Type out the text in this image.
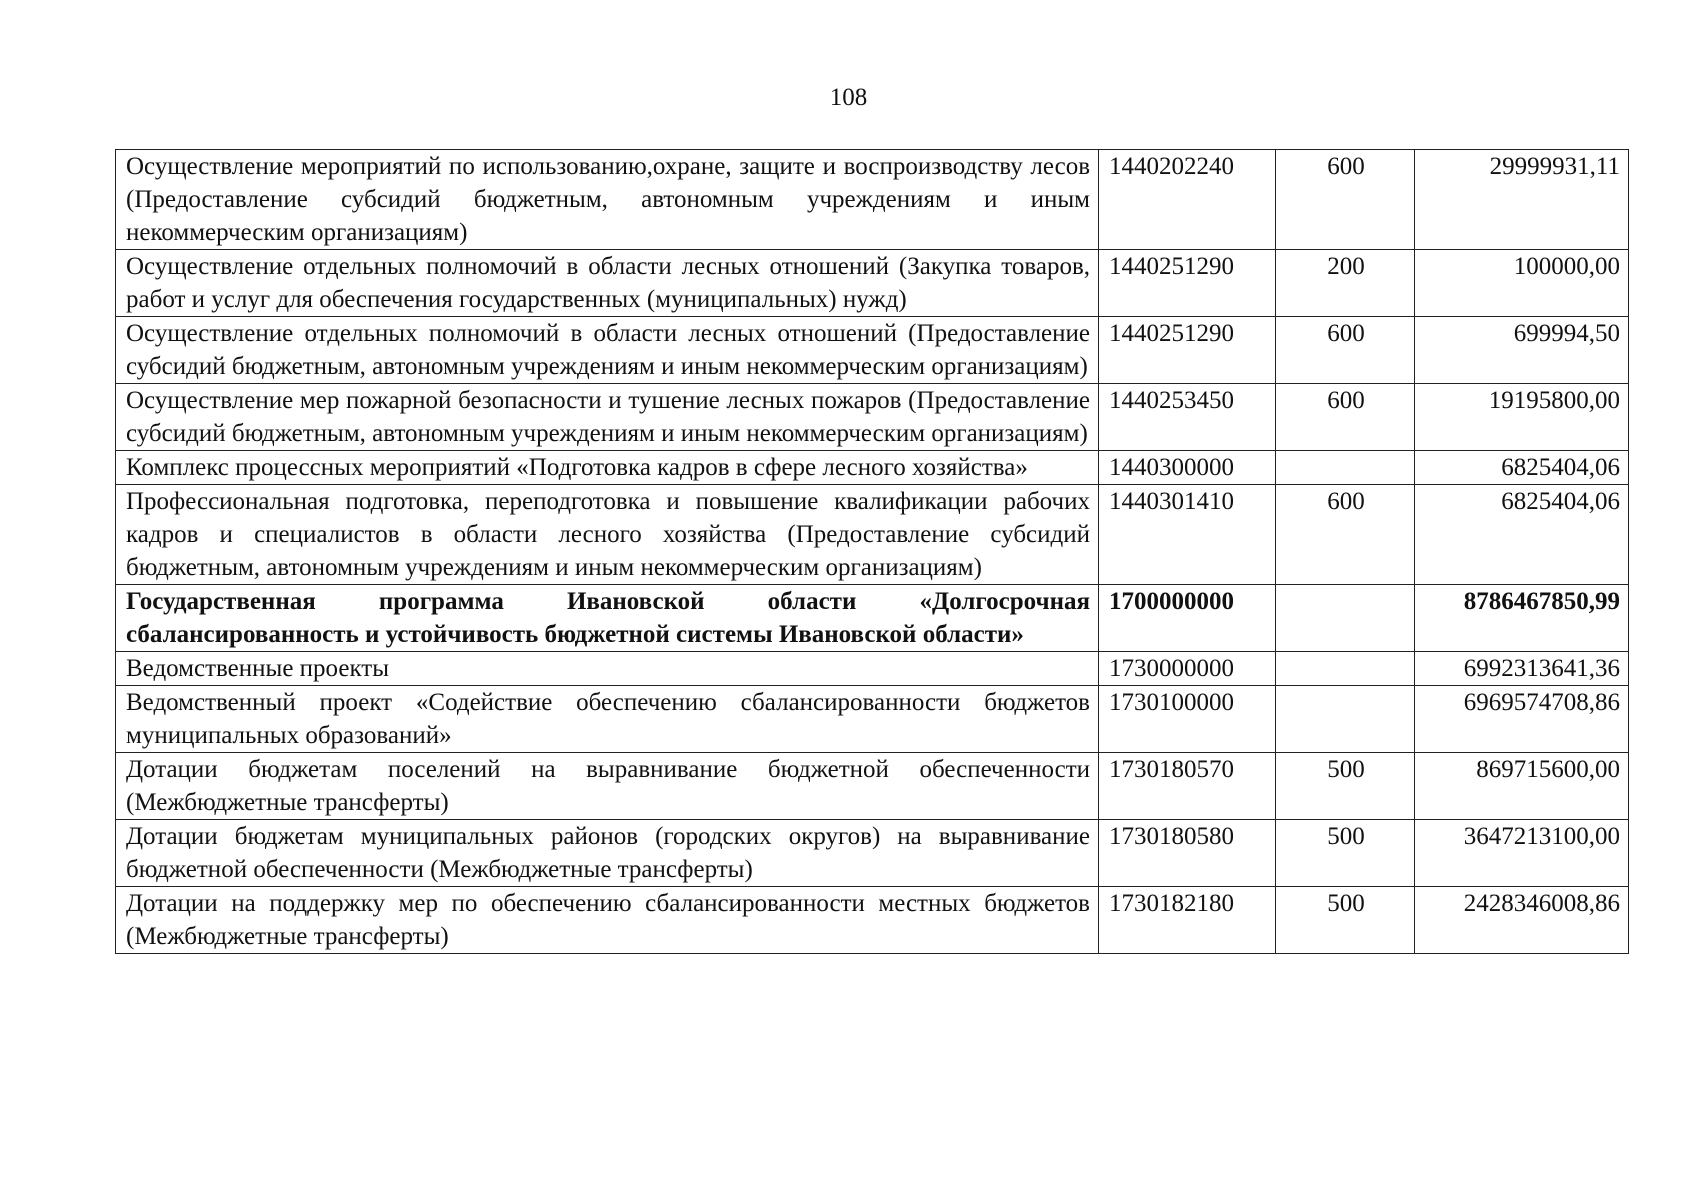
108
Осуществление мероприятий по использованию,охране, защите и воспроизводству лесов (Предоставление субсидий бюджетным, автономным учреждениям и иным некоммерческим организациям)	1440202240	600	29999931,11
Осуществление отдельных полномочий в области лесных отношений (Закупка товаров, работ и услуг для обеспечения государственных (муниципальных) нужд)	1440251290	200	100000,00
Осуществление отдельных полномочий в области лесных отношений (Предоставление субсидий бюджетным, автономным учреждениям и иным некоммерческим организациям)	1440251290	600	699994,50
Осуществление мер пожарной безопасности и тушение лесных пожаров (Предоставление субсидий бюджетным, автономным учреждениям и иным некоммерческим организациям)	1440253450	600	19195800,00
Комплекс процессных мероприятий «Подготовка кадров в сфере лесного хозяйства»	1440300000		6825404,06
Профессиональная подготовка, переподготовка и повышение квалификации рабочих кадров и специалистов в области лесного хозяйства (Предоставление субсидий бюджетным, автономным учреждениям и иным некоммерческим организациям)	1440301410	600	6825404,06
Государственная программа Ивановской области «Долгосрочная сбалансированность и устойчивость бюджетной системы Ивановской области»	1700000000		8786467850,99
Ведомственные проекты	1730000000		6992313641,36
Ведомственный проект «Содействие обеспечению сбалансированности бюджетов муниципальных образований»	1730100000		6969574708,86
Дотации бюджетам поселений на выравнивание бюджетной обеспеченности (Межбюджетные трансферты)	1730180570	500	869715600,00
Дотации бюджетам муниципальных районов (городских округов) на выравнивание бюджетной обеспеченности (Межбюджетные трансферты)	1730180580	500	3647213100,00
Дотации на поддержку мер по обеспечению сбалансированности местных бюджетов (Межбюджетные трансферты)	1730182180	500	2428346008,86
